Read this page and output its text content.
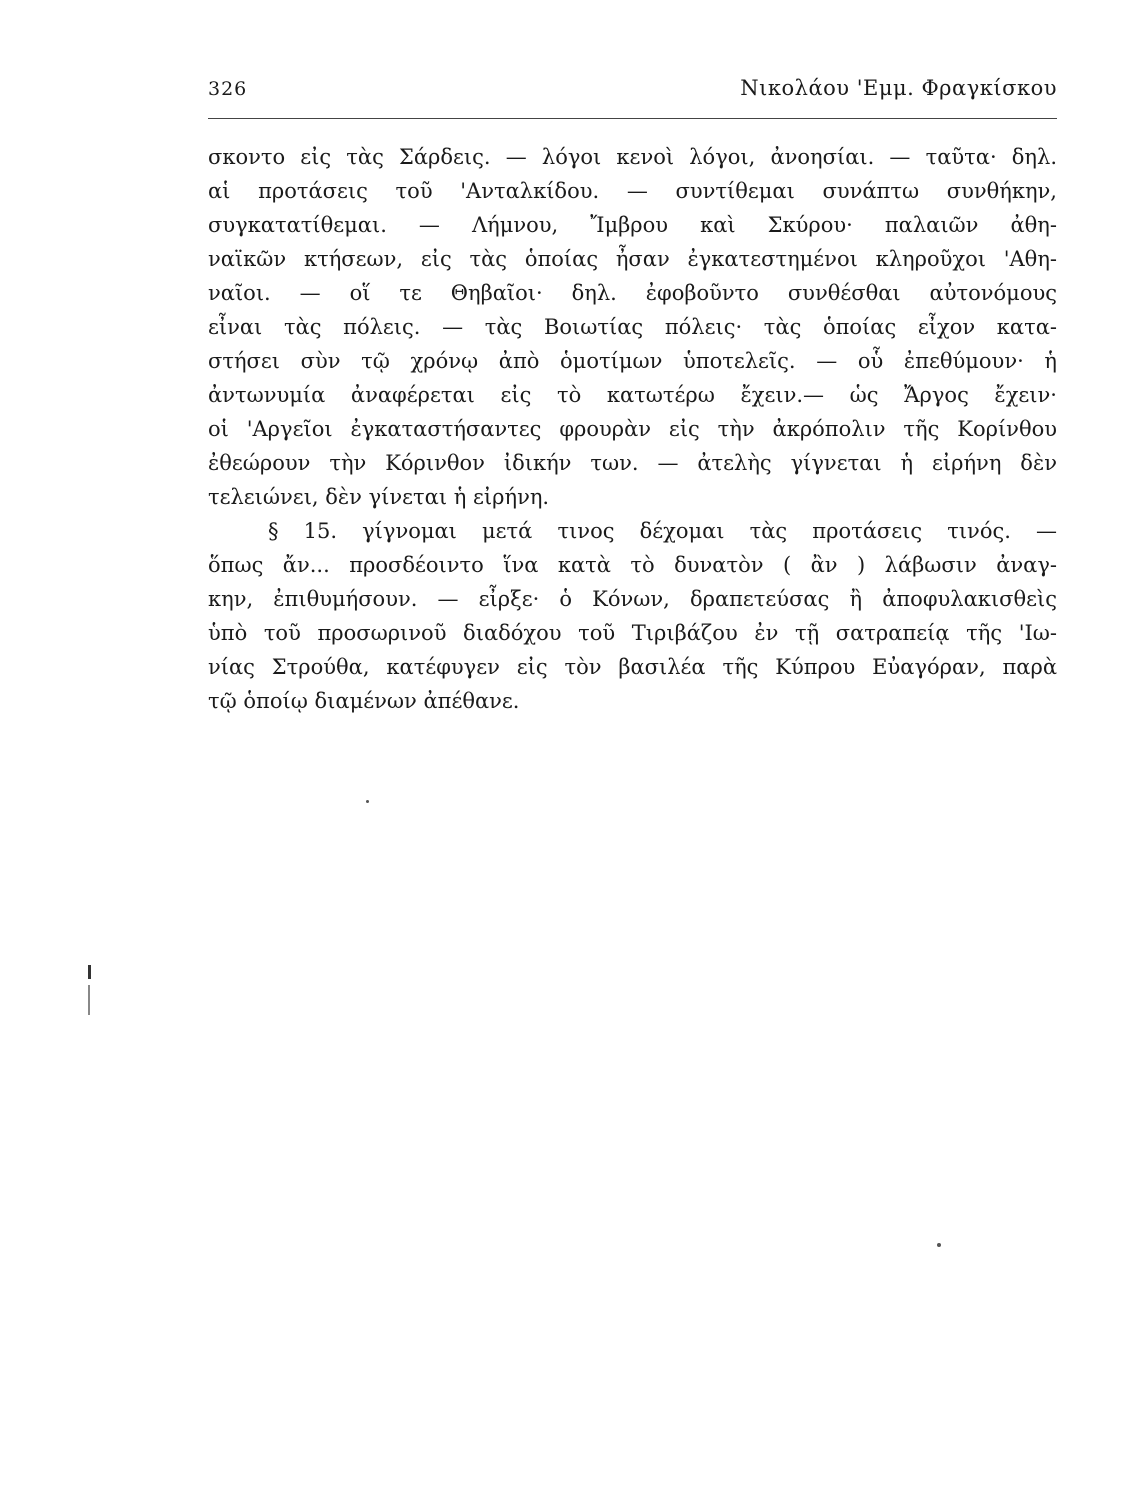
326	Νικολάου 'Εμμ. Φραγκίσκου
σκοντο εἰς τὰς Σάρδεις. — λόγοι κενοὶ λόγοι, ἀνοησίαι. — ταῦτα· δηλ.
αἱ προτάσεις τοῦ 'Ανταλκίδου. — συντίθεμαι συνάπτω συνθήκην,
συγκατατίθεμαι. — Λήμνου, Ἴμβρου καὶ Σκύρου· παλαιῶν ἀθη-
ναϊκῶν κτήσεων, εἰς τὰς ὁποίας ἦσαν ἐγκατεστημένοι κληροῦχοι 'Αθη-
ναῖοι. — οἵ τε Θηβαῖοι· δηλ. ἐφοβοῦντο συνθέσθαι αὐτονόμους
εἶναι τὰς πόλεις. — τὰς Βοιωτίας πόλεις· τὰς ὁποίας εἶχον κατα-
στήσει σὺν τῷ χρόνῳ ἀπὸ ὁμοτίμων ὑποτελεῖς. — οὗ ἐπεθύμουν· ἡ
ἀντωνυμία ἀναφέρεται εἰς τὸ κατωτέρω ἔχειν.— ὡς Ἄργος ἔχειν·
οἱ 'Αργεῖοι ἐγκαταστήσαντες φρουρὰν εἰς τὴν ἀκρόπολιν τῆς Κορίνθου
ἐθεώρουν τὴν Κόρινθον ἰδικήν των. — ἀτελὴς γίγνεται ἡ εἰρήνη δὲν
τελειώνει, δὲν γίνεται ἡ εἰρήνη.
§ 15. γίγνομαι μετά τινος δέχομαι τὰς προτάσεις τινός. —
ὅπως ἄν... προσδέοιντο ἵνα κατὰ τὸ δυνατὸν ( ἂν ) λάβωσιν ἀναγ-
κην, ἐπιθυμήσουν. — εἶρξε· ὁ Κόνων, δραπετεύσας ἢ ἀποφυλακισθεὶς
ὑπὸ τοῦ προσωρινοῦ διαδόχου τοῦ Τιριβάζου ἐν τῇ σατραπείᾳ τῆς 'Ιω-
νίας Στρούθα, κατέφυγεν εἰς τὸν βασιλέα τῆς Κύπρου Εὐαγόραν, παρὰ
τῷ ὁποίῳ διαμένων ἀπέθανε.
